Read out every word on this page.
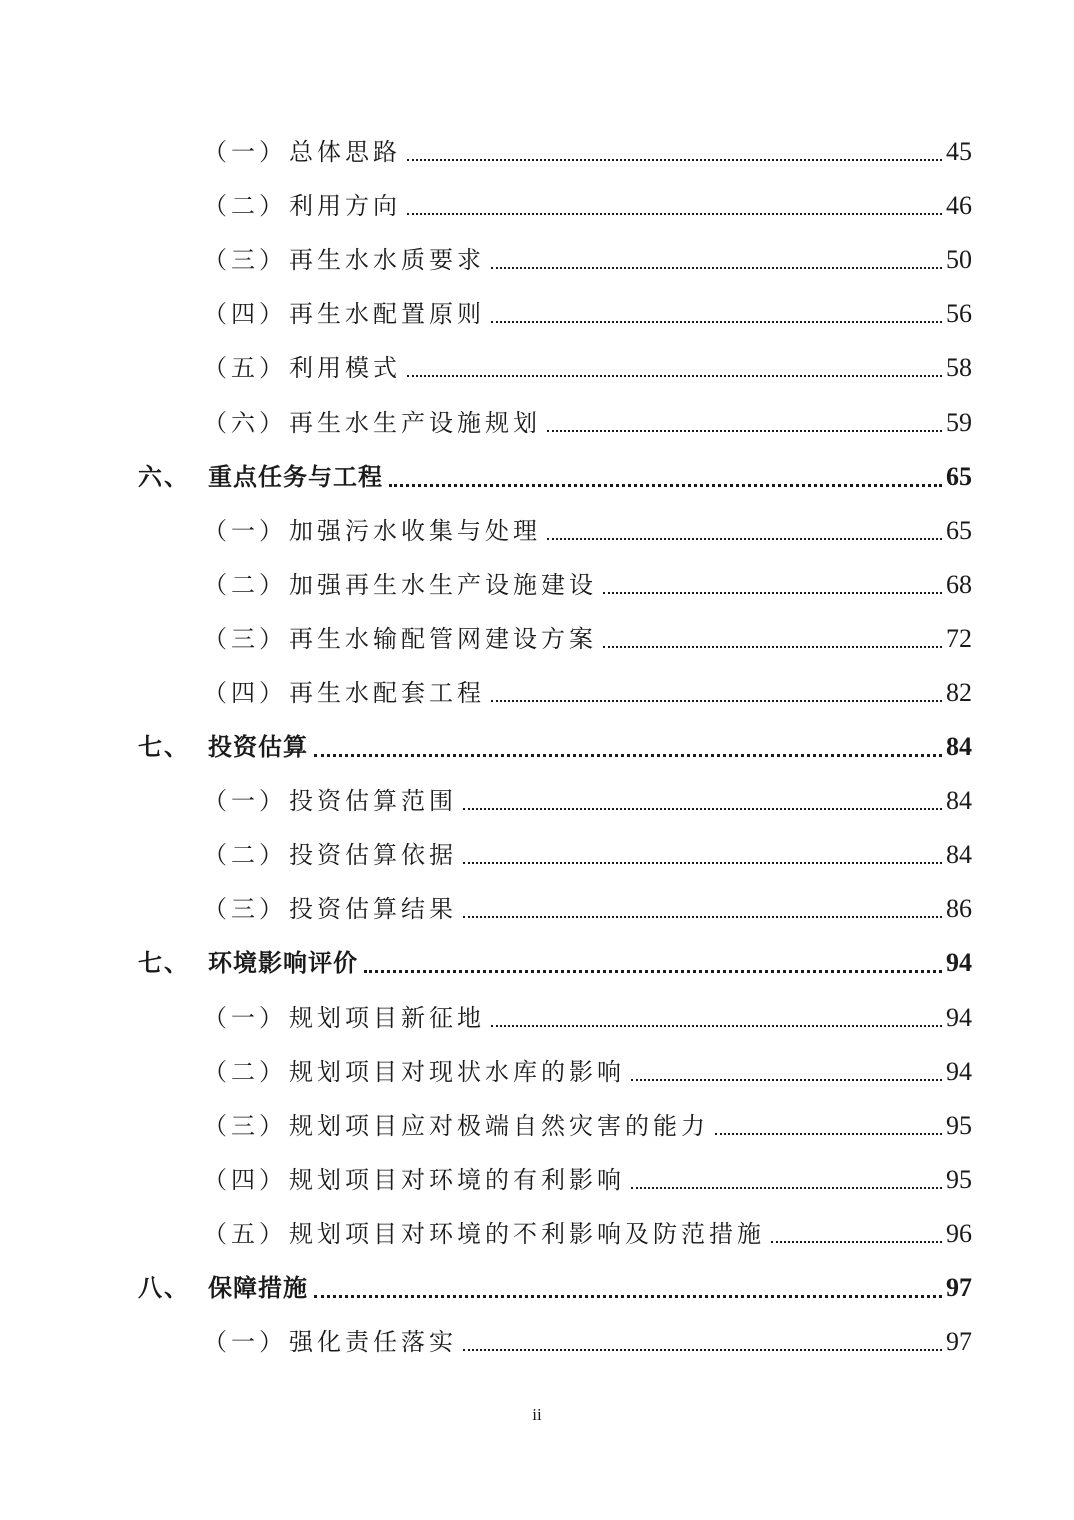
（一） 总体思路	45
（二） 利用方向	46
（三） 再生水水质要求	50
（四） 再生水配置原则	56
（五） 利用模式	58
（六） 再生水生产设施规划	59
六、 重点任务与工程	65
（一） 加强污水收集与处理	65
（二） 加强再生水生产设施建设	68
（三） 再生水输配管网建设方案	72
（四） 再生水配套工程	82
七、 投资估算	84
（一） 投资估算范围	84
（二） 投资估算依据	84
（三） 投资估算结果	86
七、 环境影响评价	94
（一） 规划项目新征地	94
（二） 规划项目对现状水库的影响	94
（三） 规划项目应对极端自然灾害的能力	95
（四） 规划项目对环境的有利影响	95
（五） 规划项目对环境的不利影响及防范措施	96
八、 保障措施	97
（一） 强化责任落实	97
ii
